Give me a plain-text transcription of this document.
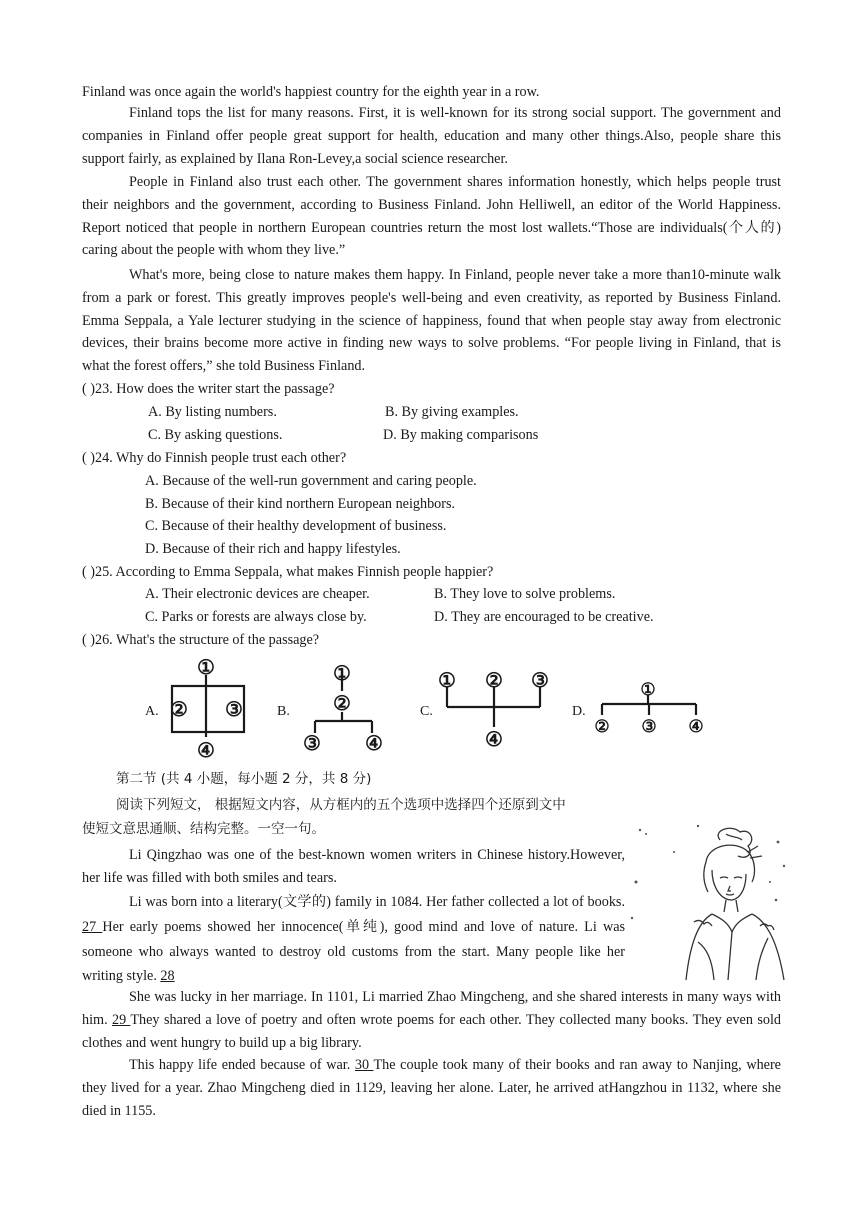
Finland was once again the world's happiest country for the eighth year in a row.
Finland tops the list for many reasons. First, it is well-known for its strong social support. The government and companies in Finland offer people great support for health, education and many other things.Also, people share this support fairly, as explained by Ilana Ron-Levey,a social science researcher.
People in Finland also trust each other. The government shares information honestly, which helps people trust their neighbors and the government, according to Business Finland. John Helliwell, an editor of the World Happiness. Report noticed that people in northern European countries return the most lost wallets.“Those are individuals(个人的) caring about the people with whom they live.”
What's more, being close to nature makes them happy. In Finland, people never take a more than10-minute walk from a park or forest. This greatly improves people's well-being and even creativity, as reported by Business Finland. Emma Seppala, a Yale lecturer studying in the science of happiness, found that when people stay away from electronic devices, their brains become more active in finding new ways to solve problems. “For people living in Finland, that is what the forest offers,” she told Business Finland.
( )23. How does the writer start the passage?
A. By listing numbers.	B. By giving examples.
C. By asking questions.	D. By making comparisons
( )24. Why do Finnish people trust each other?
A. Because of the well-run government and caring people.
B. Because of their kind northern European neighbors.
C. Because of their healthy development of business.
D. Because of their rich and happy lifestyles.
( )25. According to Emma Seppala, what makes Finnish people happier?
A. Their electronic devices are cheaper.	B. They love to solve problems.
C. Parks or forests are always close by.	D. They are encouraged to be creative.
( )26. What's the structure of the passage?
A.	B.	C.	D.
①
② ③
④
①
②
③ ④
① ② ③
④
①
② ③ ④
第二节 (共 4 小题，每小题 2 分，共 8 分)
阅读下列短文， 根据短文内容，从方框内的五个选项中选择四个还原到文中
使短文意思通顺、结构完整。一空一句。
Li Qingzhao was one of the best-known women writers in Chinese history.However, her life was filled with both smiles and tears.
Li was born into a literary(文学的) family in 1084. Her father collected a lot of books. 27 Her early poems showed her innocence(单纯), good mind and love of nature. Li was someone who always wanted to destroy old customs from the start. Many people like her writing style. 28
She was lucky in her marriage. In 1101, Li married Zhao Mingcheng, and she shared interests in many ways with him. 29 They shared a love of poetry and often wrote poems for each other. They collected many books. They even sold clothes and went hungry to build up a big library.
This happy life ended because of war. 30 The couple took many of their books and ran away to Nanjing, where they lived for a year. Zhao Mingcheng died in 1129, leaving her alone. Later, he arrived atHangzhou in 1132, where she died in 1155.
